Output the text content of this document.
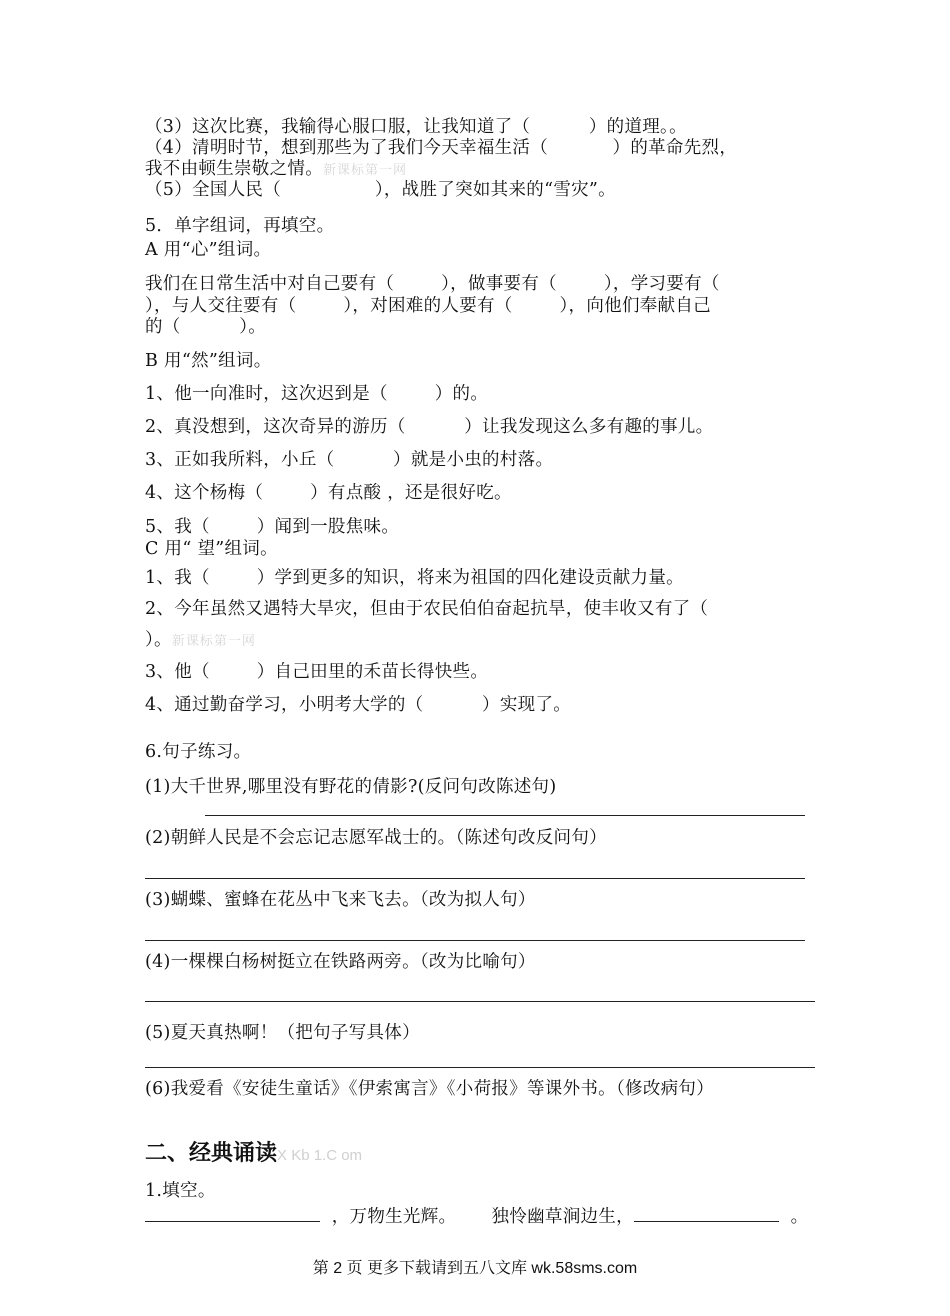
（3）这次比赛，我输得心服口服，让我知道了（          ）的道理。。
（4）清明时节，想到那些为了我们今天幸福生活（           ）的革命先烈，
我不由顿生崇敬之情。新课标第一网
（5）全国人民（                ），战胜了突如其来的“雪灾”。
5．单字组词，再填空。
A 用“心”组词。
我们在日常生活中对自己要有（        ），做事要有（        ），学习要有（
），与人交往要有（        ），对困难的人要有（        ），向他们奉献自己
的（          ）。
B 用“然”组词。
1、他一向准时，这次迟到是（        ）的。
2、真没想到，这次奇异的游历（          ）让我发现这么多有趣的事儿。
3、正如我所料，小丘（          ）就是小虫的村落。
4、这个杨梅（        ）有点酸 ，还是很好吃。
5、我（        ）闻到一股焦味。
C 用“ 望”组词。
1、我（        ）学到更多的知识，将来为祖国的四化建设贡献力量。
2、今年虽然又遇特大旱灾，但由于农民伯伯奋起抗旱，使丰收又有了（
）。新课标第一网
3、他（        ）自己田里的禾苗长得快些。
4、通过勤奋学习，小明考大学的（          ）实现了。
6.句子练习。
(1)大千世界,哪里没有野花的倩影?(反问句改陈述句)
(2)朝鲜人民是不会忘记志愿军战士的。（陈述句改反问句）
(3)蝴蝶、蜜蜂在花丛中飞来飞去。（改为拟人句）
(4)一棵棵白杨树挺立在铁路两旁。（改为比喻句）
(5)夏天真热啊！（把句子写具体）
(6)我爱看《安徒生童话》《伊索寓言》《小荷报》等课外书。（修改病句）
二、经典诵读X Kb 1.C om
1.填空。
，万物生光辉。 独怜幽草涧边生，	。
第 2 页 更多下载请到五八文库 wk.58sms.com
